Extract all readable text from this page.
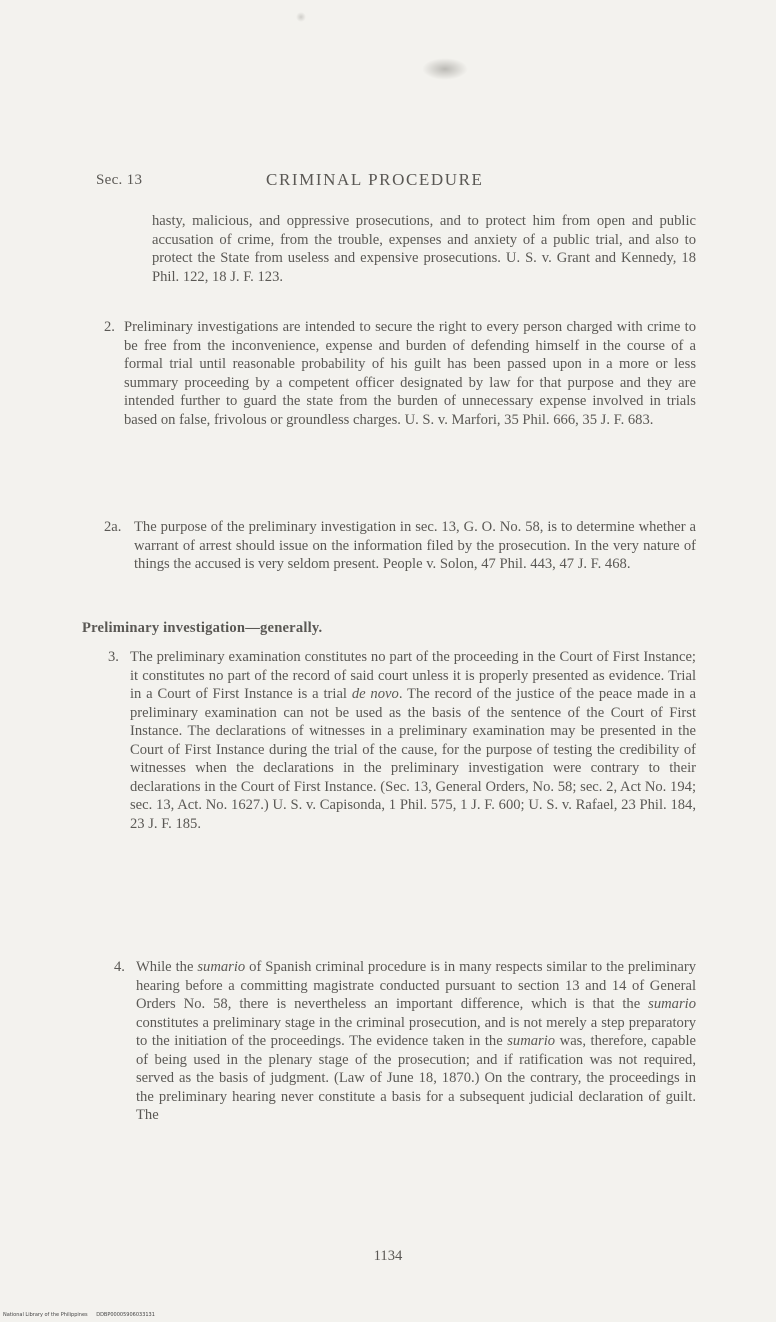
Sec. 13	CRIMINAL PROCEDURE

hasty, malicious, and oppressive prosecutions, and to protect him from open and public accusation of crime, from the trouble, expenses and anxiety of a public trial, and also to protect the State from useless and expensive prosecutions. U. S. v. Grant and Kennedy, 18 Phil. 122, 18 J. F. 123.

2. Preliminary investigations are intended to secure the right to every person charged with crime to be free from the inconvenience, expense and burden of defending himself in the course of a formal trial until reasonable probability of his guilt has been passed upon in a more or less summary proceeding by a competent officer designated by law for that purpose and they are intended further to guard the state from the burden of unnecessary expense involved in trials based on false, frivolous or groundless charges. U. S. v. Marfori, 35 Phil. 666, 35 J. F. 683.

2a. The purpose of the preliminary investigation in sec. 13, G. O. No. 58, is to determine whether a warrant of arrest should issue on the information filed by the prosecution. In the very nature of things the accused is very seldom present. People v. Solon, 47 Phil. 443, 47 J. F. 468.

Preliminary investigation—generally.

3. The preliminary examination constitutes no part of the proceeding in the Court of First Instance; it constitutes no part of the record of said court unless it is properly presented as evidence. Trial in a Court of First Instance is a trial de novo. The record of the justice of the peace made in a preliminary examination can not be used as the basis of the sentence of the Court of First Instance. The declarations of witnesses in a preliminary examination may be presented in the Court of First Instance during the trial of the cause, for the purpose of testing the credibility of witnesses when the declarations in the preliminary investigation were contrary to their declarations in the Court of First Instance. (Sec. 13, General Orders, No. 58; sec. 2, Act No. 194; sec. 13, Act. No. 1627.) U. S. v. Capisonda, 1 Phil. 575, 1 J. F. 600; U. S. v. Rafael, 23 Phil. 184, 23 J. F. 185.

4. While the sumario of Spanish criminal procedure is in many respects similar to the preliminary hearing before a committing magistrate conducted pursuant to section 13 and 14 of General Orders No. 58, there is nevertheless an important difference, which is that the sumario constitutes a preliminary stage in the criminal prosecution, and is not merely a step preparatory to the initiation of the proceedings. The evidence taken in the sumario was, therefore, capable of being used in the plenary stage of the prosecution; and if ratification was not required, served as the basis of judgment. (Law of June 18, 1870.) On the contrary, the proceedings in the preliminary hearing never constitute a basis for a subsequent judicial declaration of guilt. The

1134
National Library of the Philippines DDBP00005906033131
